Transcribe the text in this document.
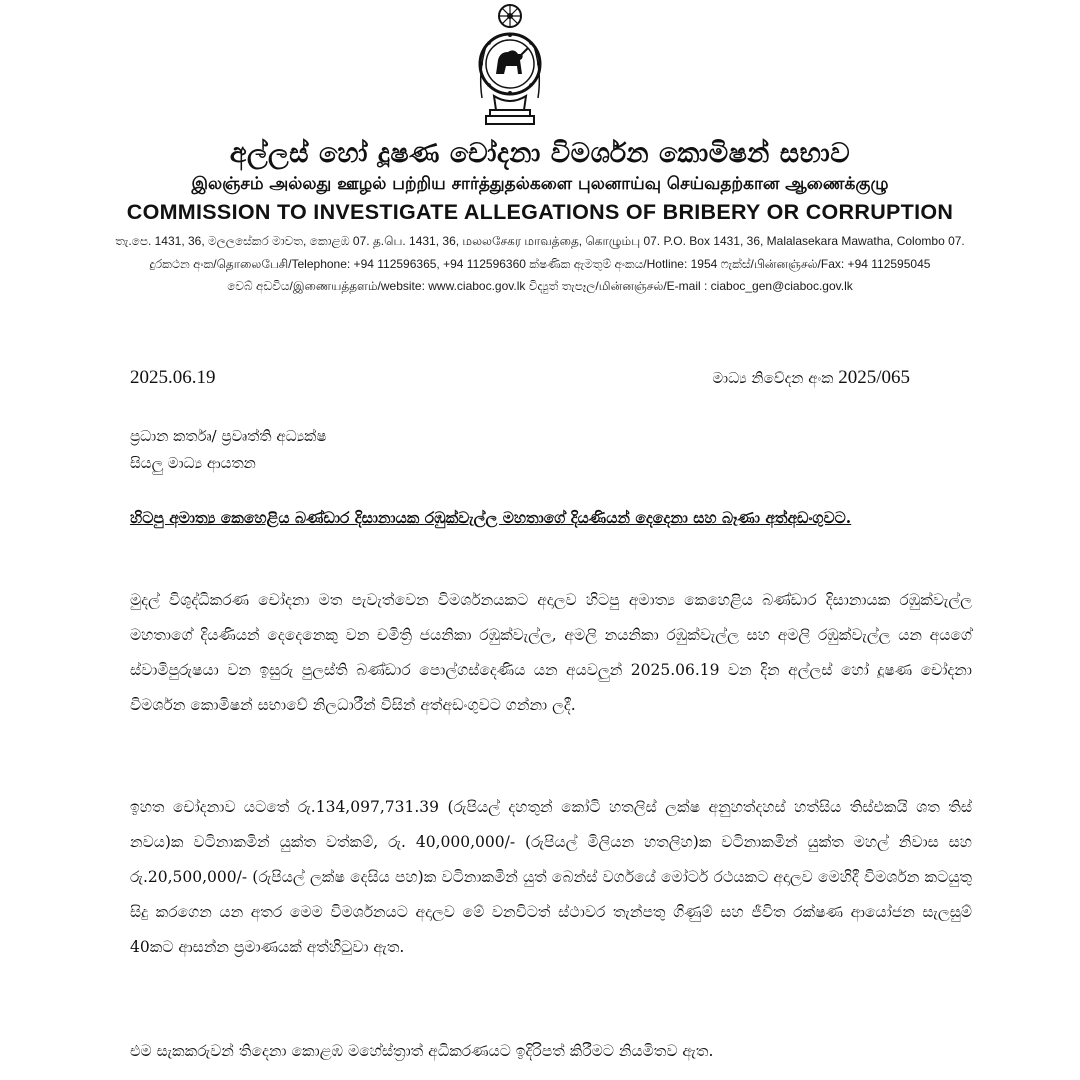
අල්ලස් හෝ දූෂණ චෝදනා විමර්ශන කොමිෂන් සභාව
இலஞ்சம் அல்லது ஊழல் பற்றிய சார்த்துதல்களை புலனாய்வு செய்வதற்கான ஆணைக்குழு
COMMISSION TO INVESTIGATE ALLEGATIONS OF BRIBERY OR CORRUPTION
තැ.පෙ. 1431, 36, මලලසේකර මාවත, කොළඹ 07. த.பெ. 1431, 36, மலலசேகர மாவத்தை, கொழும்பு 07. P.O. Box 1431, 36, Malalasekara Mawatha, Colombo 07.
දුරකථන අංක/தொலைபேசி/Telephone: +94 112596365, +94 112596360 ක්ෂණික ඇමතුම් අංකය/Hotline: 1954 ෆැක්ස්/பின்னஞ்சல்/Fax: +94 112595045
වෙබ් අඩවිය/இணையத்தளம்/website: www.ciaboc.gov.lk විද්‍යුත් තැපෑල/மின்னஞ்சல்/E-mail : ciaboc_gen@ciaboc.gov.lk
2025.06.19	මාධ්‍ය නිවේදන අංක 2025/065
ප්‍රධාන කර්තෘ/ ප්‍රවෘත්ති අධ්‍යක්ෂ
සියලු මාධ්‍ය ආයතන
හිටපු අමාත්‍ය කෙහෙළිය බණ්ඩාර දිසානායක රඹුක්වැල්ල මහතාගේ දියණියන් දෙදෙනා සහ බෑණා අත්අඩංගුවට.
මුදල් විශුද්ධිකරණ චෝදනා මත පැවැත්වෙන විමර්ශනයකට අදාලව හිටපු අමාත්‍ය කෙහෙළිය බණ්ඩාර දිසානායක රඹුක්වැල්ල මහතාගේ දියණියන් දෙදෙනෙකු වන චමිත්‍රි ජයනිකා රඹුක්වැල්ල, අමලි නයනිකා රඹුක්වැල්ල සහ අමලි රඹුක්වැල්ල යන අයගේ ස්වාමිපුරුෂයා වන ඉසුරු පුලස්ති බණ්ඩාර පොල්ගස්දෙණිය යන අයවලුන් 2025.06.19 වන දින අල්ලස් හෝ දූෂණ චෝදනා විමර්ශන කොමිෂන් සභාවේ නිලධාරීන් විසින් අත්අඩංගුවට ගන්නා ලදී.
ඉහත චෝදනාව යටතේ රු.134,097,731.39 (රුපියල් දහතුන් කෝටි හතලිස් ලක්ෂ අනුහත්දහස් හත්සිය තිස්එකයි ශත තිස් නවය)ක වටිනාකමින් යුක්ත වත්කම්, රු. 40,000,000/- (රුපියල් මිලියන හතලිහ)ක වටිනාකමින් යුක්ත මහල් නිවාස සහ රු.20,500,000/- (රුපියල් ලක්ෂ දෙසිය පහ)ක වටිනාකමින් යුත් බෙන්ස් වර්ගයේ මෝටර් රථයකට අදාලව මෙහිදී විමර්ශන කටයුතු සිදු කරගෙන යන අතර මෙම විමර්ශනයට අදාලව මේ වනවිටත් ස්ථාවර තැන්පතු ගිණුම් සහ ජීවිත රක්ෂණ ආයෝජන සැලසුම් 40කට ආසන්න ප්‍රමාණයක් අත්හිටුවා ඇත.
එම සැකකරුවන් තිදෙනා කොළඹ මහේස්ත්‍රාත් අධිකරණයට ඉදිරිපත් කිරීමට නියමිතව ඇත.
